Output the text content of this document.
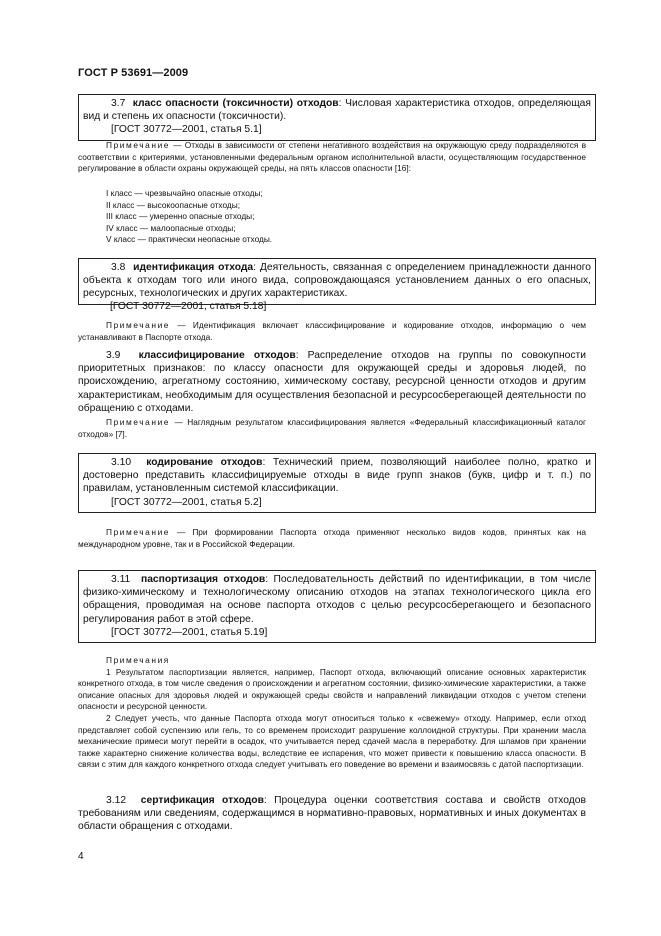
ГОСТ Р 53691—2009

3.7 класс опасности (токсичности) отходов: Числовая характеристика отходов, определяющая вид и степень их опасности (токсичности).

[ГОСТ 30772—2001, статья 5.1]

Примечание — Отходы в зависимости от степени негативного воздействия на окружающую среду подразделяются в соответствии с критериями, установленными федеральным органом исполнительной власти, осуществляющим государственное регулирование в области охраны окружающей среды, на пять классов опасности [16]:

I класс — чрезвычайно опасные отходы;
II класс — высокоопасные отходы;
III класс — умеренно опасные отходы;
IV класс — малоопасные отходы;
V класс — практически неопасные отходы.

3.8 идентификация отхода: Деятельность, связанная с определением принадлежности данного объекта к отходам того или иного вида, сопровождающаяся установлением данных о его опасных, ресурсных, технологических и других характеристиках.

[ГОСТ 30772—2001, статья 5.18]

Примечание — Идентификация включает классифицирование и кодирование отходов, информацию о чем устанавливают в Паспорте отхода.

3.9 классифицирование отходов: Распределение отходов на группы по совокупности приоритетных признаков: по классу опасности для окружающей среды и здоровья людей, по происхождению, агрегатному состоянию, химическому составу, ресурсной ценности отходов и другим характеристикам, необходимым для осуществления безопасной и ресурсосберегающей деятельности по обращению с отходами.

Примечание — Наглядным результатом классифицирования является «Федеральный классификационный каталог отходов» [7].

3.10 кодирование отходов: Технический прием, позволяющий наиболее полно, кратко и достоверно представить классифицируемые отходы в виде групп знаков (букв, цифр и т. п.) по правилам, установленным системой классификации.

[ГОСТ 30772—2001, статья 5.2]

Примечание — При формировании Паспорта отхода применяют несколько видов кодов, принятых как на международном уровне, так и в Российской Федерации.

3.11 паспортизация отходов: Последовательность действий по идентификации, в том числе физико-химическому и технологическому описанию отходов на этапах технологического цикла его обращения, проводимая на основе паспорта отходов с целью ресурсосберегающего и безопасного регулирования работ в этой сфере.

[ГОСТ 30772—2001, статья 5.19]

Примечания

1 Результатом паспортизации является, например, Паспорт отхода, включающий описание основных характеристик конкретного отхода, в том числе сведения о происхождении и агрегатном состоянии, физико-химические характеристики, а также описание опасных для здоровья людей и окружающей среды свойств и направлений ликвидации отходов с учетом степени опасности и ресурсной ценности.

2 Следует учесть, что данные Паспорта отхода могут относиться только к «свежему» отходу. Например, если отход представляет собой суспензию или гель, то со временем происходит разрушение коллоидной структуры. При хранении масла механические примеси могут перейти в осадок, что учитывается перед сдачей масла в переработку. Для шламов при хранении также характерно снижение количества воды, вследствие ее испарения, что может привести к повышению класса опасности. В связи с этим для каждого конкретного отхода следует учитывать его поведение во времени и взаимосвязь с датой паспортизации.

3.12 сертификация отходов: Процедура оценки соответствия состава и свойств отходов требованиям или сведениям, содержащимся в нормативно-правовых, нормативных и иных документах в области обращения с отходами.

4
